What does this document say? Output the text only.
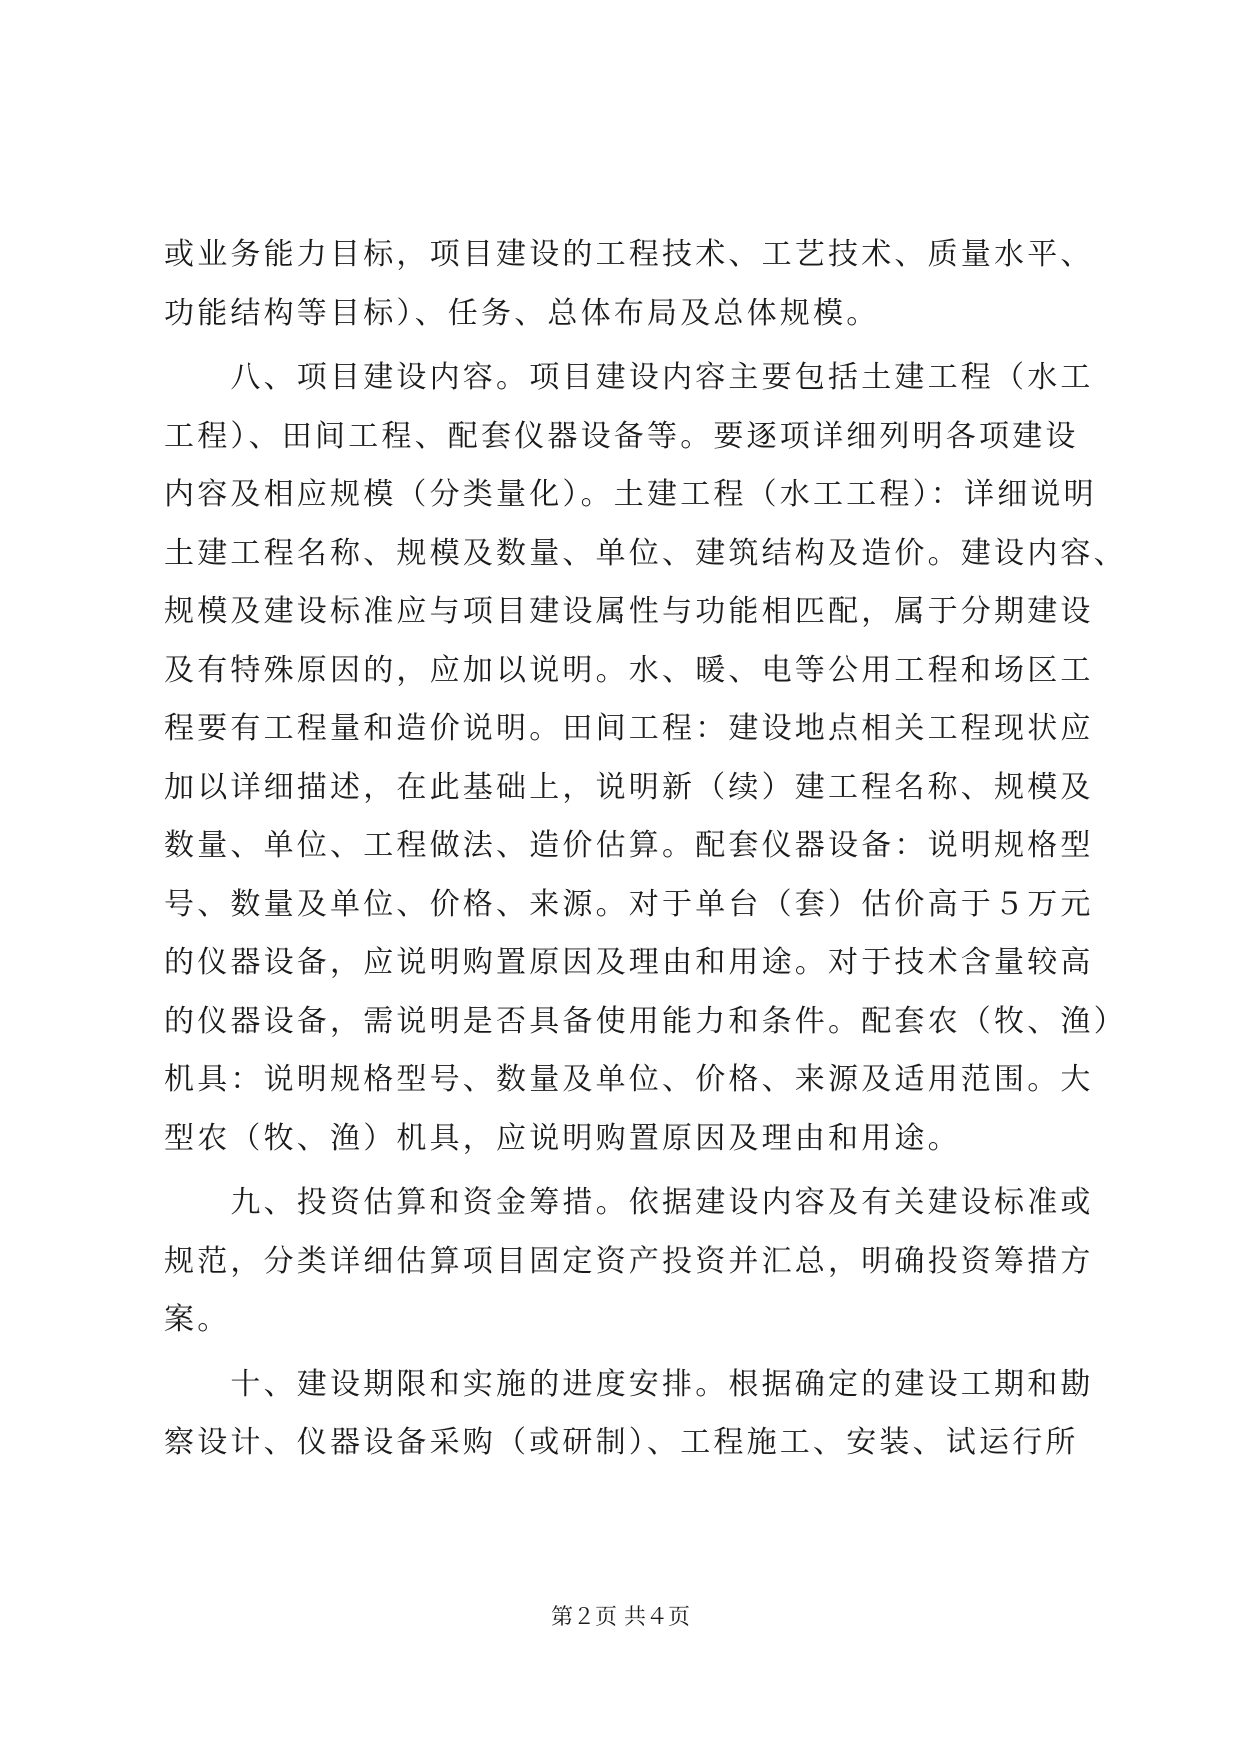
或业务能力目标，项目建设的工程技术、工艺技术、质量水平、
功能结构等目标）、任务、总体布局及总体规模。
　　八、项目建设内容。项目建设内容主要包括土建工程（水工
工程）、田间工程、配套仪器设备等。要逐项详细列明各项建设
内容及相应规模（分类量化）。土建工程（水工工程）：详细说明
土建工程名称、规模及数量、单位、建筑结构及造价。建设内容、
规模及建设标准应与项目建设属性与功能相匹配，属于分期建设
及有特殊原因的，应加以说明。水、暖、电等公用工程和场区工
程要有工程量和造价说明。田间工程：建设地点相关工程现状应
加以详细描述，在此基础上，说明新（续）建工程名称、规模及
数量、单位、工程做法、造价估算。配套仪器设备：说明规格型
号、数量及单位、价格、来源。对于单台（套）估价高于５万元
的仪器设备，应说明购置原因及理由和用途。对于技术含量较高
的仪器设备，需说明是否具备使用能力和条件。配套农（牧、渔）
机具：说明规格型号、数量及单位、价格、来源及适用范围。大
型农（牧、渔）机具，应说明购置原因及理由和用途。
　　九、投资估算和资金筹措。依据建设内容及有关建设标准或
规范，分类详细估算项目固定资产投资并汇总，明确投资筹措方
案。
　　十、建设期限和实施的进度安排。根据确定的建设工期和勘
察设计、仪器设备采购（或研制）、工程施工、安装、试运行所
第２页 共４页
